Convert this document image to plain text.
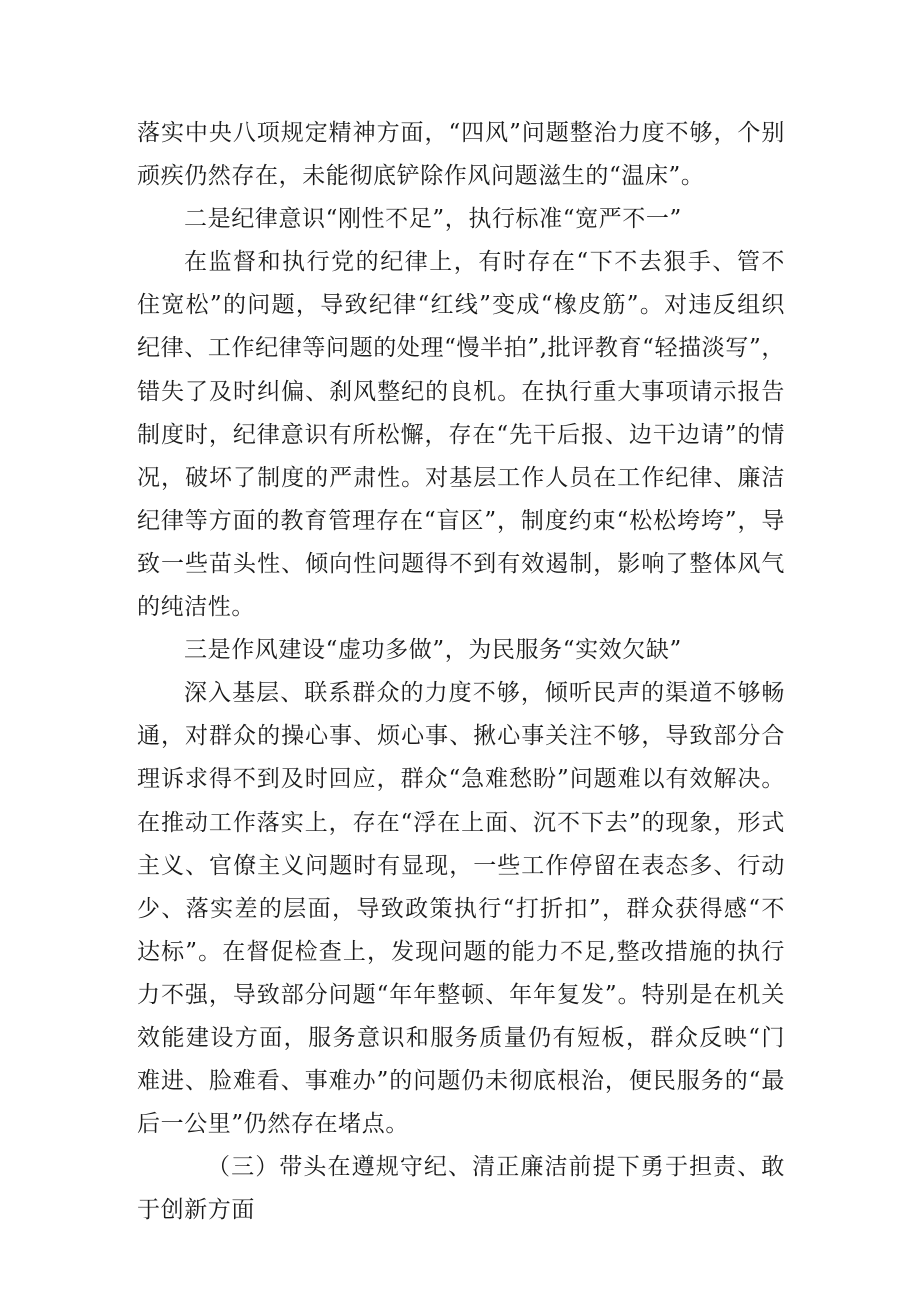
落实中央八项规定精神方面，“四风”问题整治力度不够，个别顽疾仍然存在，未能彻底铲除作风问题滋生的“温床”。

二是纪律意识“刚性不足”，执行标准“宽严不一”

在监督和执行党的纪律上，有时存在“下不去狠手、管不住宽松”的问题，导致纪律“红线”变成“橡皮筋”。对违反组织纪律、工作纪律等问题的处理“慢半拍”,批评教育“轻描淡写”，错失了及时纠偏、刹风整纪的良机。在执行重大事项请示报告制度时，纪律意识有所松懈，存在“先干后报、边干边请”的情况，破坏了制度的严肃性。对基层工作人员在工作纪律、廉洁纪律等方面的教育管理存在“盲区”，制度约束“松松垮垮”，导致一些苗头性、倾向性问题得不到有效遏制，影响了整体风气的纯洁性。

三是作风建设“虚功多做”，为民服务“实效欠缺”

深入基层、联系群众的力度不够，倾听民声的渠道不够畅通，对群众的操心事、烦心事、揪心事关注不够，导致部分合理诉求得不到及时回应，群众“急难愁盼”问题难以有效解决。在推动工作落实上，存在“浮在上面、沉不下去”的现象，形式主义、官僚主义问题时有显现，一些工作停留在表态多、行动少、落实差的层面，导致政策执行“打折扣”，群众获得感“不达标”。在督促检查上，发现问题的能力不足,整改措施的执行力不强，导致部分问题“年年整顿、年年复发”。特别是在机关效能建设方面，服务意识和服务质量仍有短板，群众反映“门难进、脸难看、事难办”的问题仍未彻底根治，便民服务的“最后一公里”仍然存在堵点。

（三）带头在遵规守纪、清正廉洁前提下勇于担责、敢于创新方面
